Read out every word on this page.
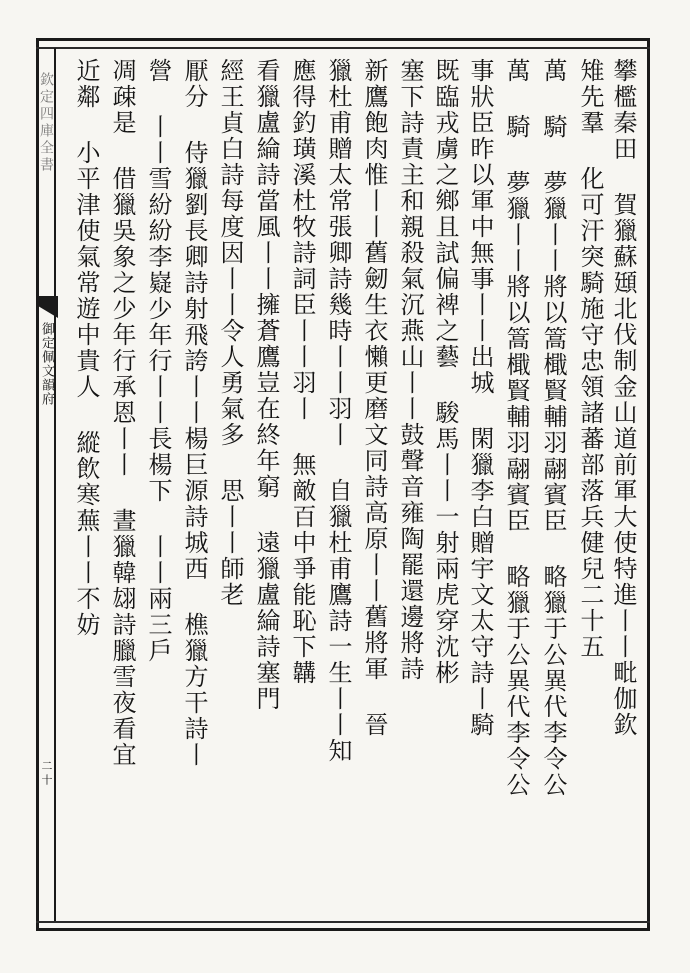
欽定四庫全書
御定佩文韻府
二十
攀檻秦田 賀獵蘇頲北伐制金山道前軍大使特進丨丨毗伽欽
雉先羣 化可汗突騎施守忠領諸蕃部落兵健兒二十五
萬 騎 夢獵丨丨將以篙檝賢輔羽翮賓臣 略獵于公異代李令公
萬 騎 夢獵丨丨將以篙檝賢輔羽翮賓臣 略獵于公異代李令公
事狀臣昨以軍中無事丨丨出城 閑獵李白贈宇文太守詩丨騎
既臨戎虜之鄉且試偏裨之藝 駿馬丨丨一射兩虎穿沈彬
塞下詩責主和親殺氣沉燕山丨丨鼓聲音雍陶罷還邊將詩
新鷹飽肉惟丨丨舊劒生衣懶更磨文同詩高原丨丨舊將軍 晉
獵杜甫贈太常張卿詩幾時丨丨羽丨 自獵杜甫鷹詩一生丨丨知
應得釣璜溪杜牧詩詞臣丨丨羽丨 無敵百中爭能恥下韝
看獵盧綸詩當風丨丨擁蒼鷹豈在終年窮 遠獵盧綸詩塞門
經王貞白詩每度因丨丨令人勇氣多 思丨丨師老
厭分 侍獵劉長卿詩射飛誇丨丨楊巨源詩城西 樵獵方干詩丨
營 丨丨雪紛紛李嶷少年行丨丨長楊下 丨丨兩三戶
凋疎是 借獵吳象之少年行承恩丨丨 晝獵韓翃詩臘雪夜看宜
近鄰 小平津使氣常遊中貴人 縱飲寒蕪丨丨不妨
